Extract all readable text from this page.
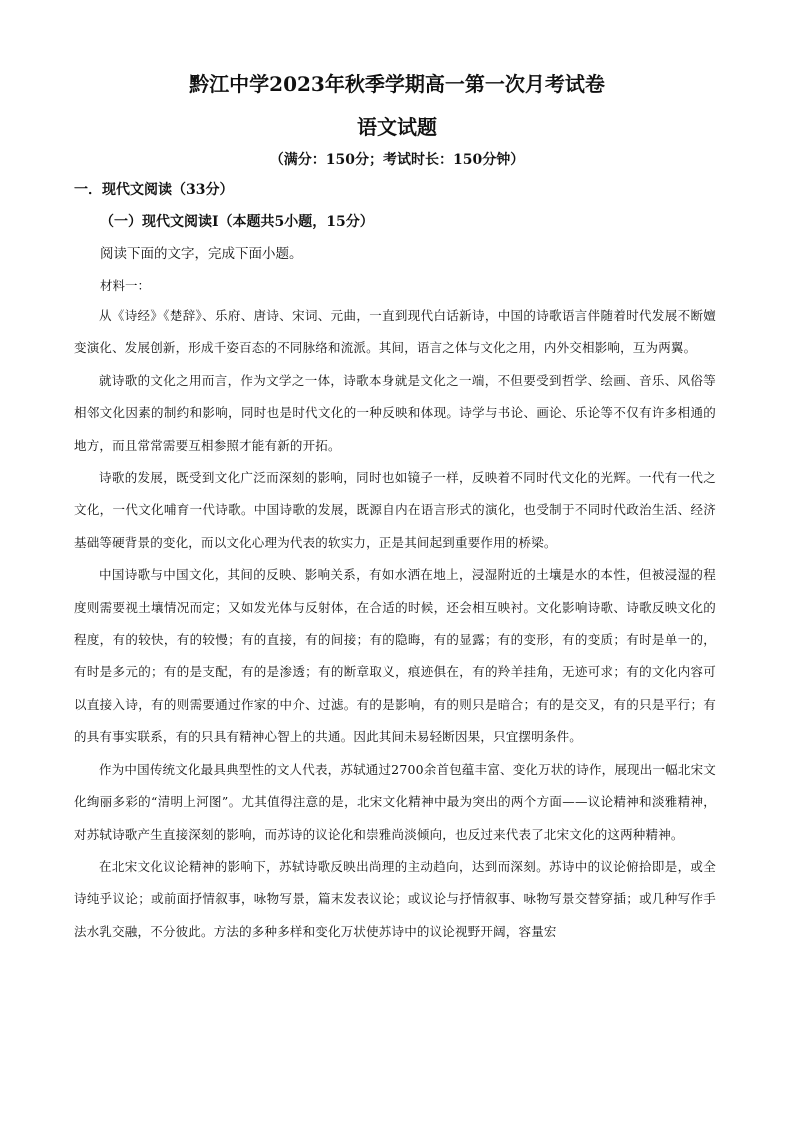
黔江中学2023年秋季学期高一第一次月考试卷
语文试题
（满分：150分；考试时长：150分钟）
一．现代文阅读（33分）
（一）现代文阅读Ⅰ（本题共5小题，15分）
阅读下面的文字，完成下面小题。
材料一：

从《诗经》《楚辞》、乐府、唐诗、宋词、元曲，一直到现代白话新诗，中国的诗歌语言伴随着时代发展不断嬗变演化、发展创新，形成千姿百态的不同脉络和流派。其间，语言之体与文化之用，内外交相影响，互为两翼。

就诗歌的文化之用而言，作为文学之一体，诗歌本身就是文化之一端，不但要受到哲学、绘画、音乐、风俗等相邻文化因素的制约和影响，同时也是时代文化的一种反映和体现。诗学与书论、画论、乐论等不仅有许多相通的地方，而且常常需要互相参照才能有新的开拓。

诗歌的发展，既受到文化广泛而深刻的影响，同时也如镜子一样，反映着不同时代文化的光辉。一代有一代之文化，一代文化哺育一代诗歌。中国诗歌的发展，既源自内在语言形式的演化，也受制于不同时代政治生活、经济基础等硬背景的变化，而以文化心理为代表的软实力，正是其间起到重要作用的桥梁。

中国诗歌与中国文化，其间的反映、影响关系，有如水洒在地上，浸湿附近的土壤是水的本性，但被浸湿的程度则需要视土壤情况而定；又如发光体与反射体，在合适的时候，还会相互映衬。文化影响诗歌、诗歌反映文化的程度，有的较快，有的较慢；有的直接，有的间接；有的隐晦，有的显露；有的变形，有的变质；有时是单一的，有时是多元的；有的是支配，有的是渗透；有的断章取义，痕迹俱在，有的羚羊挂角，无迹可求；有的文化内容可以直接入诗，有的则需要通过作家的中介、过滤。有的是影响，有的则只是暗合；有的是交叉，有的只是平行；有的具有事实联系，有的只具有精神心智上的共通。因此其间未易轻断因果，只宜摆明条件。

作为中国传统文化最具典型性的文人代表，苏轼通过2700余首包蕴丰富、变化万状的诗作，展现出一幅北宋文化绚丽多彩的“清明上河图”。尤其值得注意的是，北宋文化精神中最为突出的两个方面——议论精神和淡雅精神，对苏轼诗歌产生直接深刻的影响，而苏诗的议论化和崇雅尚淡倾向，也反过来代表了北宋文化的这两种精神。

在北宋文化议论精神的影响下，苏轼诗歌反映出尚理的主动趋向，达到而深刻。苏诗中的议论俯拾即是，或全诗纯乎议论；或前面抒情叙事，咏物写景，篇末发表议论；或议论与抒情叙事、咏物写景交替穿插；或几种写作手法水乳交融，不分彼此。方法的多种多样和变化万状使苏诗中的议论视野开阔，容量宏
